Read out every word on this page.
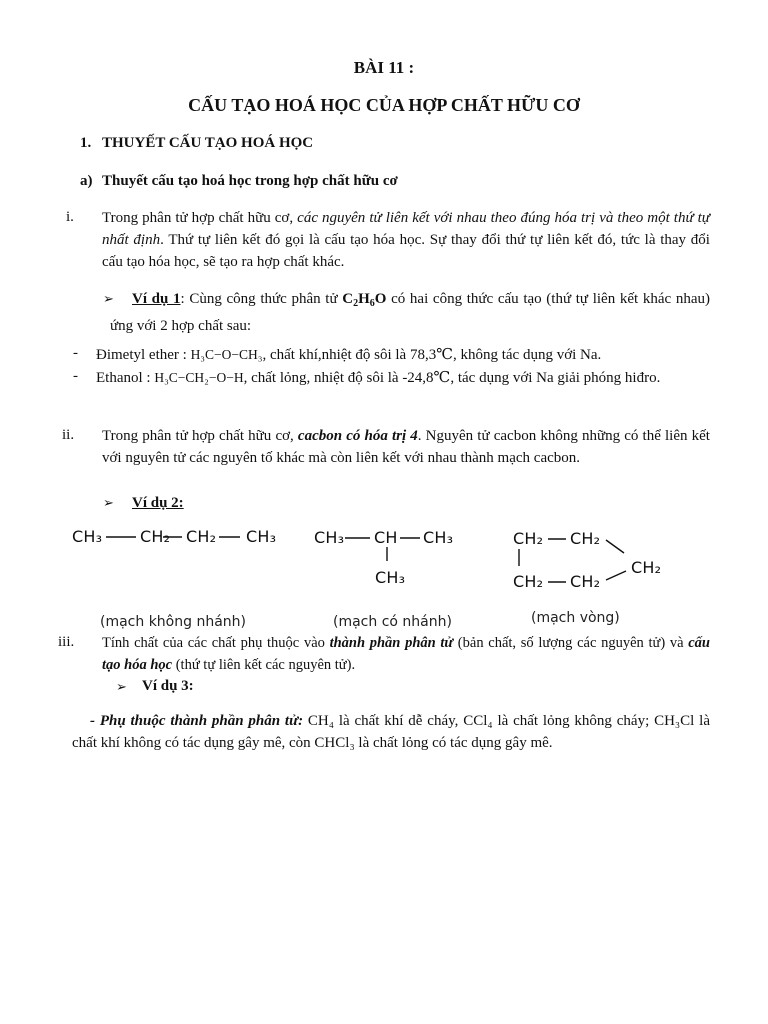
BÀI 11 :
CẤU TẠO HOÁ HỌC CỦA HỢP CHẤT HỮU CƠ
1. THUYẾT CẤU TẠO HOÁ HỌC
a) Thuyết cấu tạo hoá học trong hợp chất hữu cơ
i. Trong phân tử hợp chất hữu cơ, các nguyên tử liên kết với nhau theo đúng hóa trị và theo một thứ tự nhất định. Thứ tự liên kết đó gọi là cấu tạo hóa học. Sự thay đổi thứ tự liên kết đó, tức là thay đổi cấu tạo hóa học, sẽ tạo ra hợp chất khác.
➢	Ví dụ 1: Cùng công thức phân tử $C_2H_6O$ có hai công thức cấu tạo (thứ tự liên kết khác nhau) ứng với 2 hợp chất sau:
- Đimetyl ether : H₃C−O−CH₃, chất khí,nhiệt độ sôi là 78,3℃, không tác dụng với Na.
- Ethanol : H₃C−CH₂−O−H, chất lỏng, nhiệt độ sôi là -24,8℃, tác dụng với Na giải phóng hiđro.
ii. Trong phân tử hợp chất hữu cơ, cacbon có hóa trị 4. Nguyên tử cacbon không những có thể liên kết với nguyên tử các nguyên tố khác mà còn liên kết với nhau thành mạch cacbon.
➢ Ví dụ 2:
CH₃ CH₂ CH₂ CH₃ CH₃ CH CH₃
CH₃
CH₂ CH₂
CH₂
CH₂ CH₂
(mạch không nhánh)	(mạch có nhánh)	(mạch vòng)
iii. Tính chất của các chất phụ thuộc vào thành phần phân tử (bản chất, số lượng các nguyên tử) và cấu tạo hóa học (thứ tự liên kết các nguyên tử).
➢ Ví dụ 3:
- Phụ thuộc thành phần phân tử: CH₄ là chất khí dễ cháy, CCl₄ là chất lỏng không cháy; CH₃Cl là chất khí không có tác dụng gây mê, còn CHCl₃ là chất lỏng có tác dụng gây mê.
